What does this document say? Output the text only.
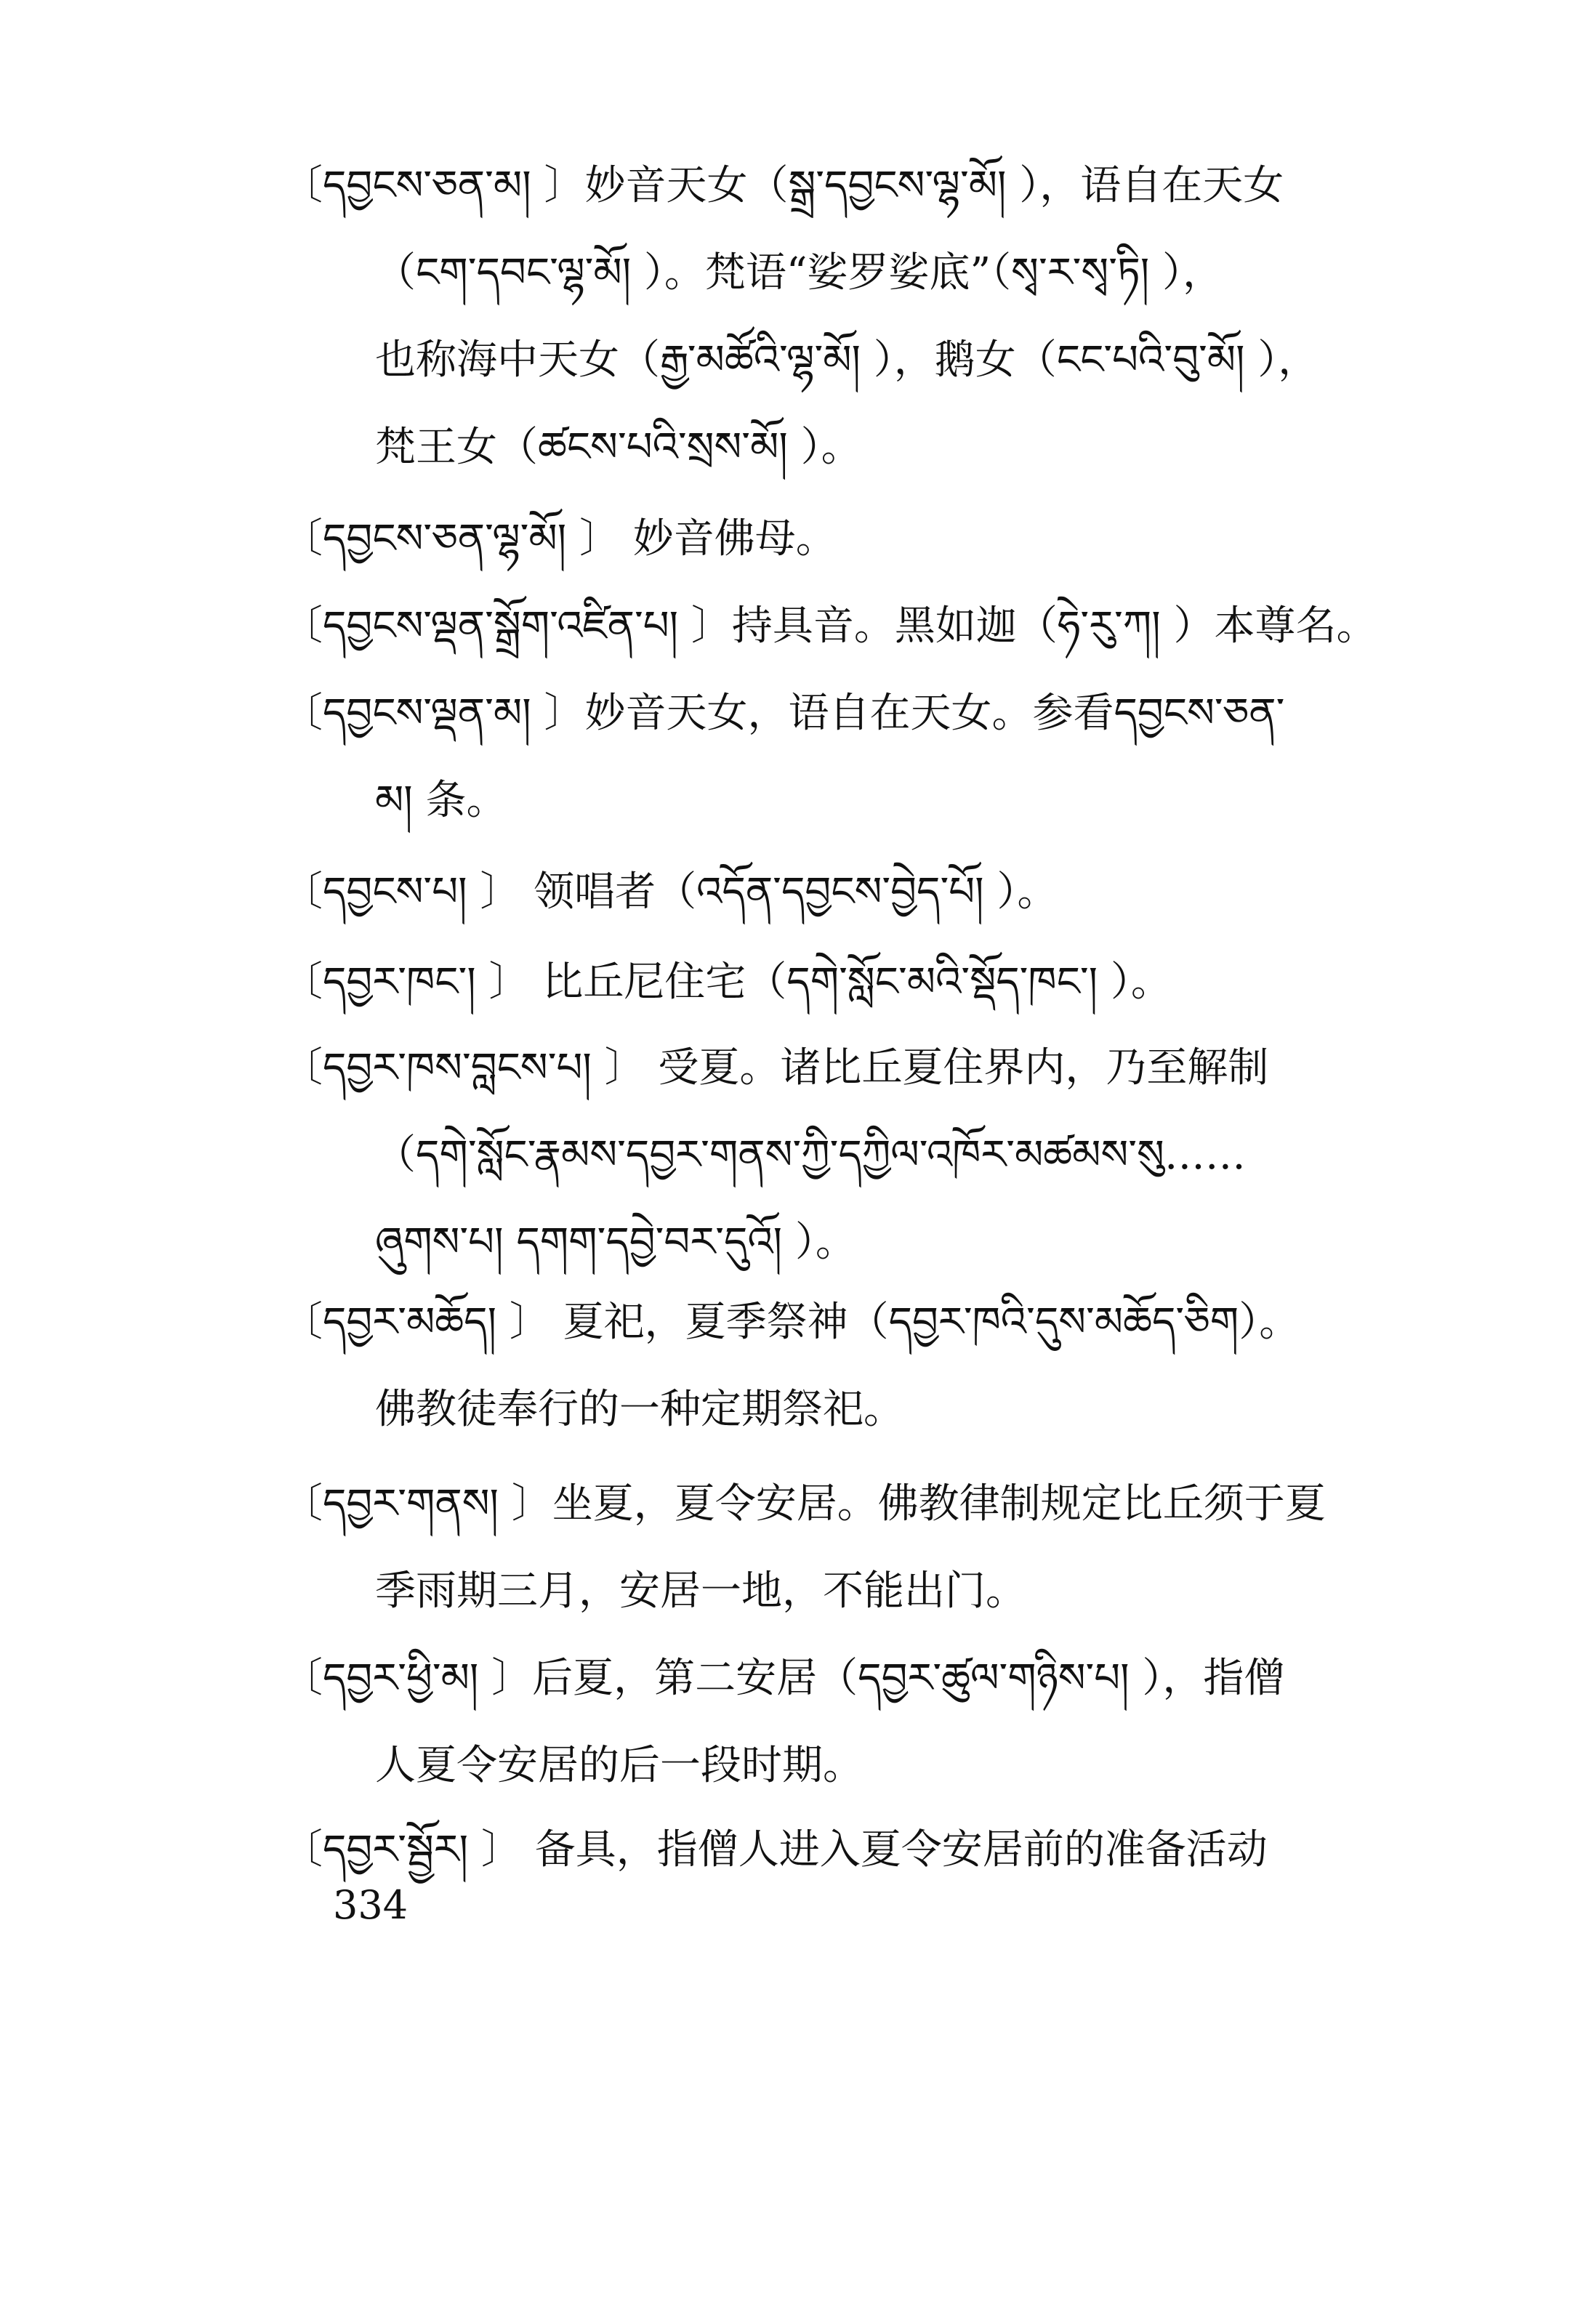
〔དབྱངས་ཅན་མ། 〕妙音天女（སྒྲ་དབྱངས་ལྷ་མོ། ），语自在天女
（ངག་དབང་ལྷ་མོ། ）。梵语“娑罗娑底”（སྭ་ར་སྭ་ཏི། ），
也称海中天女（རྒྱ་མཚོའི་ལྷ་མོ། ），鹅女（ངང་པའི་བུ་མོ། ），
梵王女（ཚངས་པའི་སྲས་མོ། ）。
〔དབྱངས་ཅན་ལྷ་མོ། 〕 妙音佛母。
〔དབྱངས་ལྡན་སྒྲོག་འཛིན་པ། 〕持具音。黑如迦（ཧེ་རུ་ཀ། ）本尊名。
〔དབྱངས་ལྡན་མ། 〕妙音天女，语自在天女。参看དབྱངས་ཅན་
མ། 条。
〔དབྱངས་པ། 〕 领唱者（འདོན་དབྱངས་བྱེད་པོ། ）。
〔དབྱར་ཁང་། 〕 比丘尼住宅（དགེ་སློང་མའི་སྡོད་ཁང་། ）。
〔དབྱར་ཁས་བླངས་པ། 〕 受夏。诸比丘夏住界内，乃至解制
（དགེ་སློང་རྣམས་དབྱར་གནས་ཀྱི་དཀྱིལ་འཁོར་མཚམས་སུ……
ཞུགས་པ། དགག་དབྱེ་བར་དུའོ། ）。
〔དབྱར་མཆོད། 〕 夏祀，夏季祭神（དབྱར་ཁའི་དུས་མཆོད་ཅིག）。
佛教徒奉行的一种定期祭祀。
〔དབྱར་གནས། 〕坐夏，夏令安居。佛教律制规定比丘须于夏
季雨期三月，安居一地，不能出门。
〔དབྱར་ཕྱི་མ། 〕后夏，第二安居（དབྱར་ཚུལ་གཉིས་པ། ），指僧
人夏令安居的后一段时期。
〔དབྱར་སྦྱོར། 〕 备具，指僧人进入夏令安居前的准备活动
334
